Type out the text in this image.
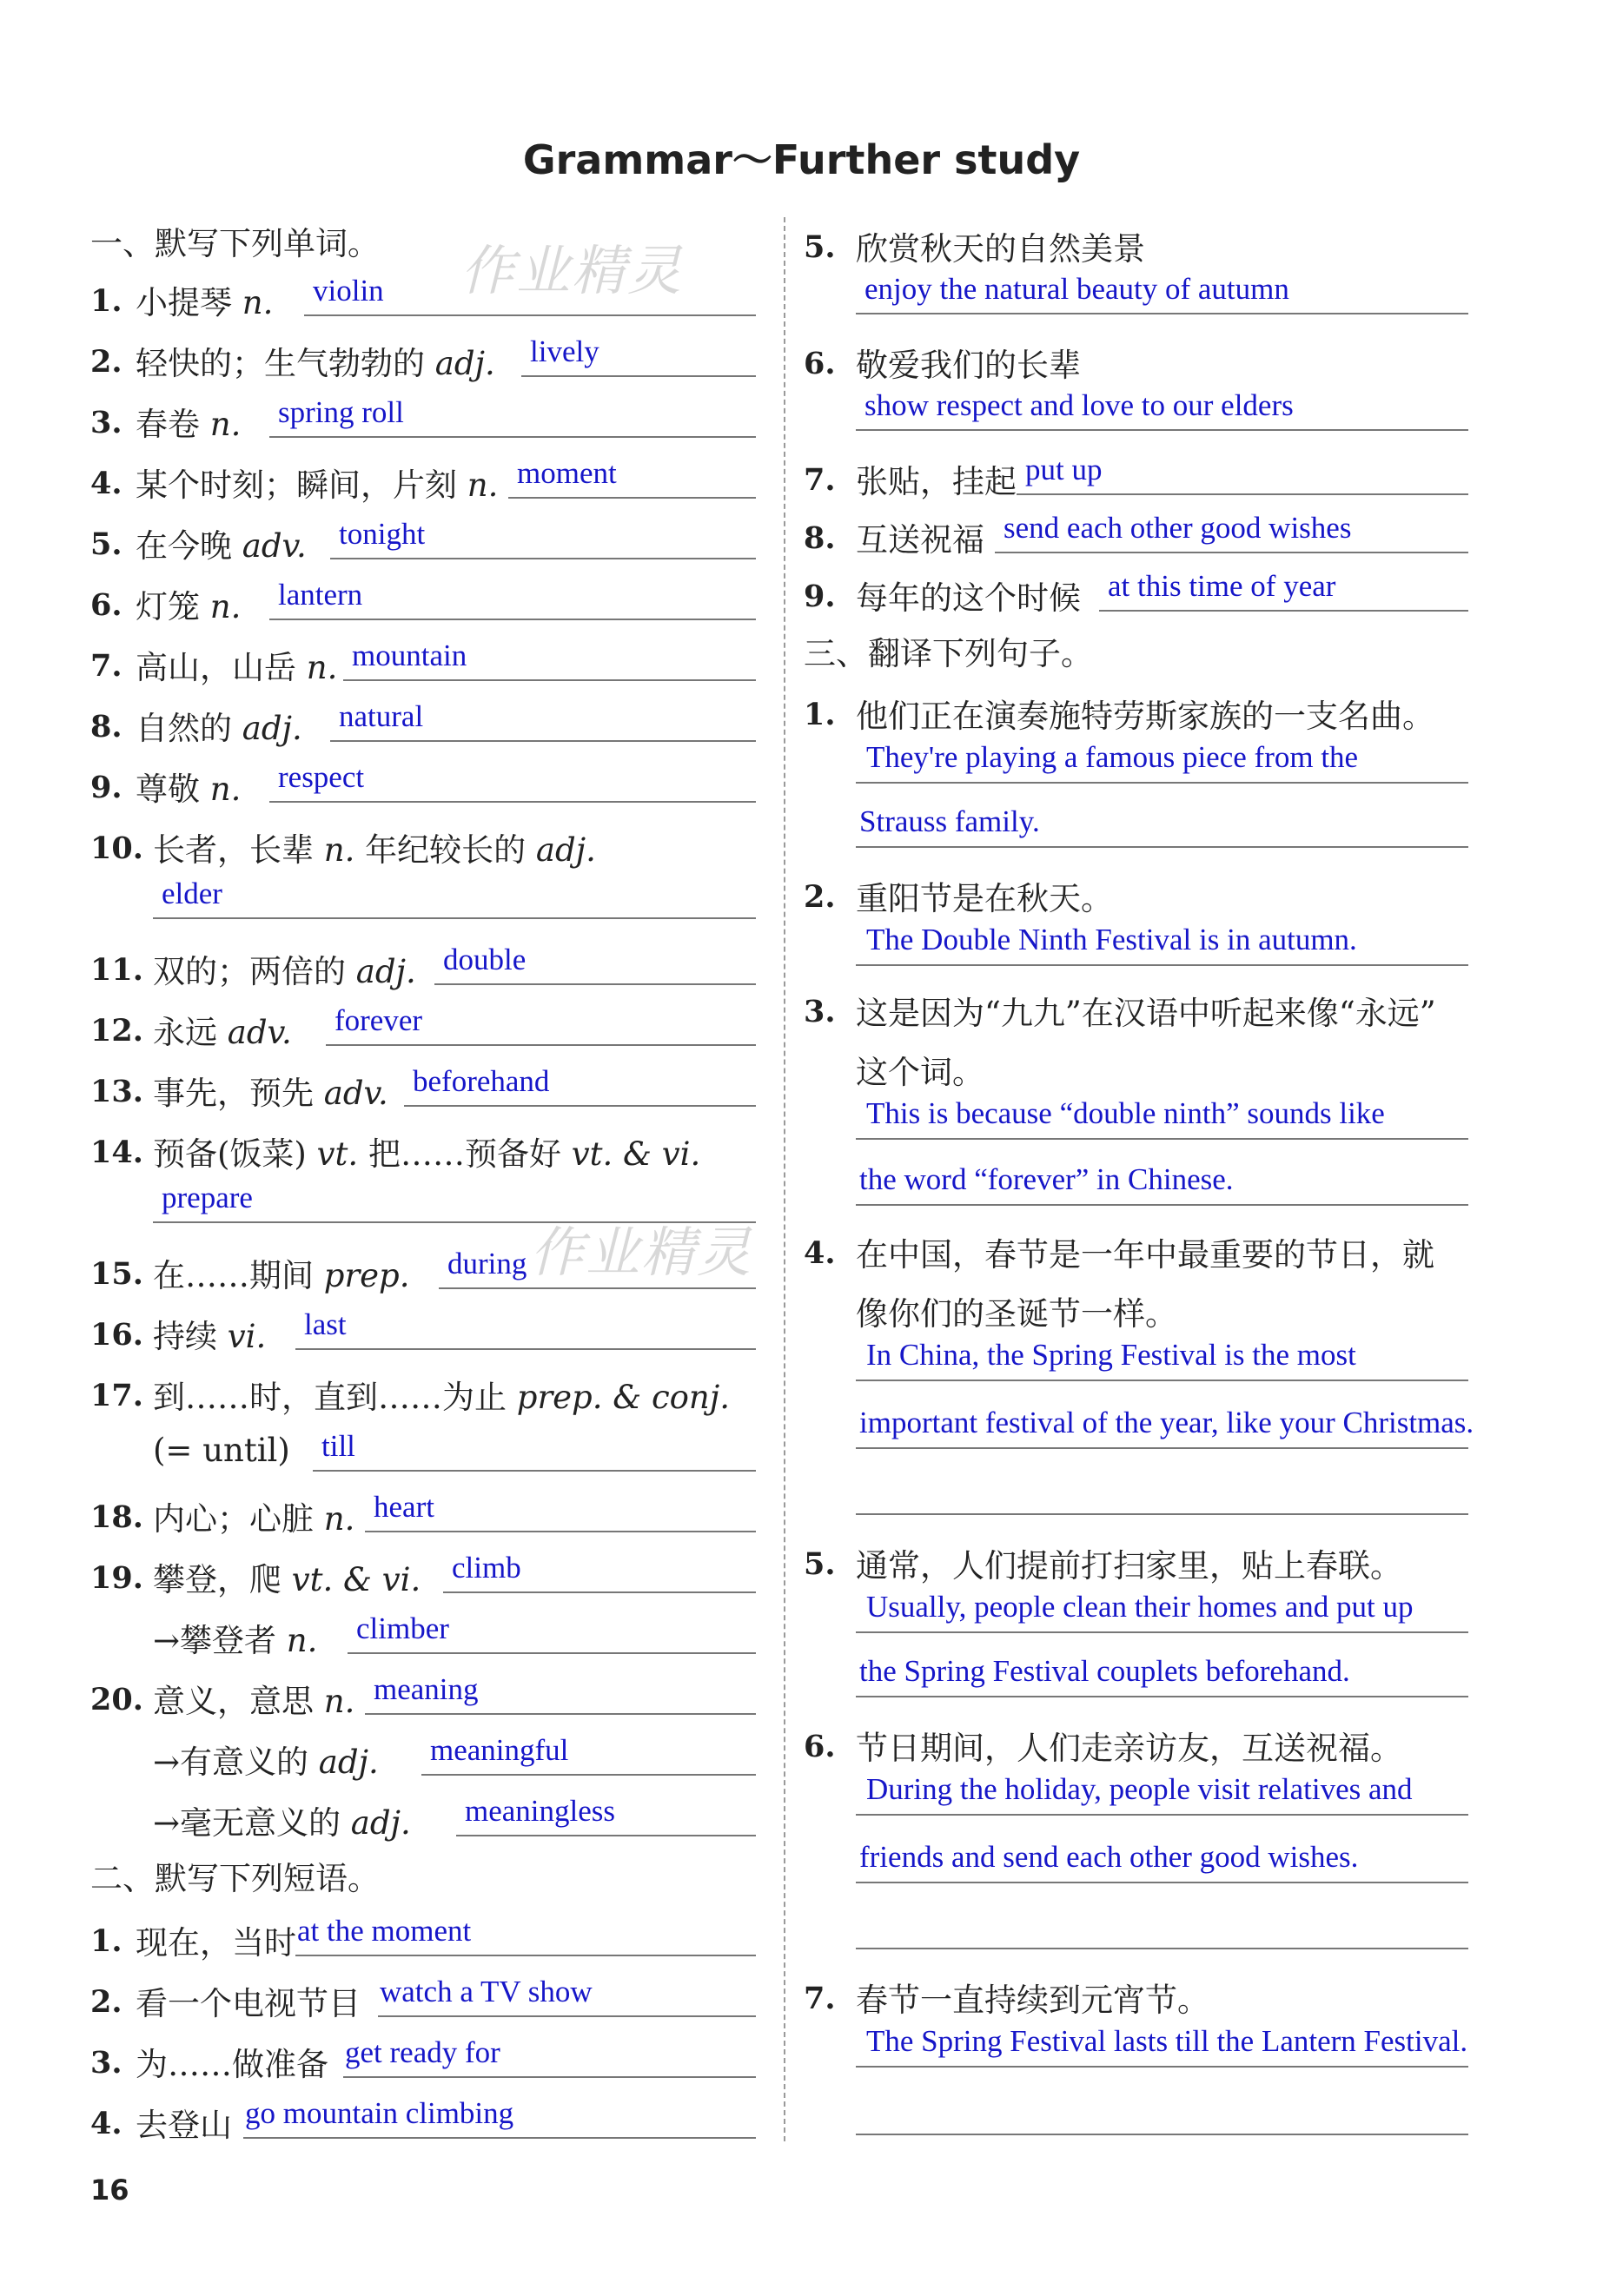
Grammar～Further study
作业精灵
作业精灵
一、默写下列单词。
1. 小提琴 n. violin
2. 轻快的；生气勃勃的 adj. lively
3. 春卷 n. spring roll
4. 某个时刻；瞬间，片刻 n. moment
5. 在今晚 adv. tonight
6. 灯笼 n. lantern
7. 高山，山岳 n. mountain
8. 自然的 adj. natural
9. 尊敬 n. respect
10. 长者，长辈 n. 年纪较长的 adj.
elder
11. 双的；两倍的 adj. double
12. 永远 adv. forever
13. 事先，预先 adv. beforehand
14. 预备(饭菜) vt. 把……预备好 vt. & vi.
prepare
15. 在……期间 prep. during
16. 持续 vi. last
17. 到……时，直到……为止 prep. & conj.
till
18. 内心；心脏 n. heart
19. 攀登，爬 vt. & vi. climb
→攀登者 n. climber
20. 意义，意思 n. meaning
→有意义的 adj. meaningful
→毫无意义的 adj. meaningless
(= until)
二、默写下列短语。
1. 现在，当时 at the moment
2. 看一个电视节目 watch a TV show
3. 为……做准备 get ready for
4. 去登山 go mountain climbing
5. 欣赏秋天的自然美景
enjoy the natural beauty of autumn
6. 敬爱我们的长辈
show respect and love to our elders
7. 张贴，挂起 put up
8. 互送祝福 send each other good wishes
9. 每年的这个时候 at this time of year
三、翻译下列句子。
1. 他们正在演奏施特劳斯家族的一支名曲。
They're playing a famous piece from the
Strauss family.
2. 重阳节是在秋天。
The Double Ninth Festival is in autumn.
3. 这是因为“九九”在汉语中听起来像“永远”
这个词。
This is because “double ninth” sounds like
the word “forever” in Chinese.
4. 在中国，春节是一年中最重要的节日，就
像你们的圣诞节一样。
In China, the Spring Festival is the most
important festival of the year, like your Christmas.
5. 通常，人们提前打扫家里，贴上春联。
Usually, people clean their homes and put up
the Spring Festival couplets beforehand.
6. 节日期间，人们走亲访友，互送祝福。
During the holiday, people visit relatives and
friends and send each other good wishes.
7. 春节一直持续到元宵节。
The Spring Festival lasts till the Lantern Festival.
16
